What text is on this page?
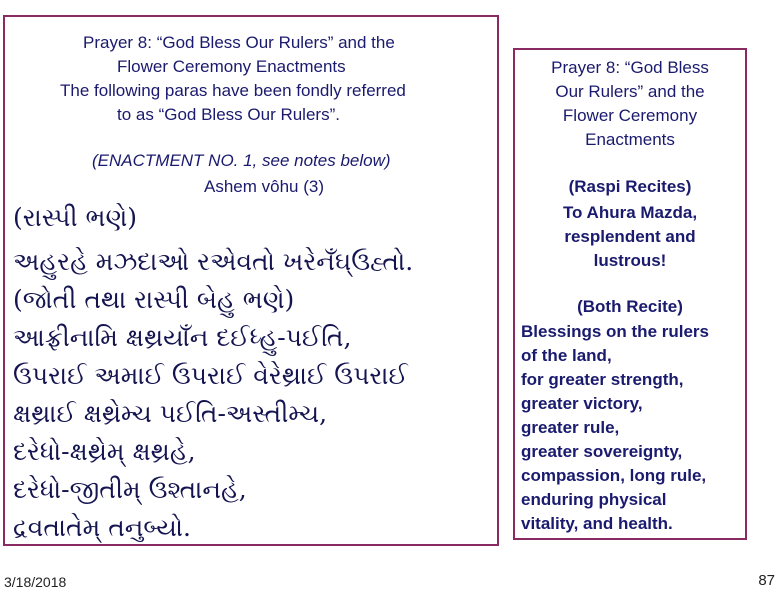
Prayer 8: “God Bless Our Rulers” and the
Flower Ceremony Enactments
The following paras have been fondly referred
to as “God Bless Our Rulers”.
(ENACTMENT NO. 1, see notes below)
Ashem vôhu (3)
(રાસ્પી ભણે)
અહુરહે મઝદાઓ રએવતો ખરેનઁઘ્ઉહ્તો.
(જોતી તથા રાસ્પી બેહુ ભણે)
આફ્રીનામિ ક્ષથ્રયાઁન દઈધ્હુ-પઈતિ,
ઉપરાઈ અમાઈ ઉપરાઈ વેરેથ્રાઈ ઉપરાઈ
ક્ષથ્રાઈ ક્ષથ્રેમ્ચ પઈતિ-અસ્તીમ્ચ,
દરેધો-ક્ષથ્રેમ્ ક્ષથ્રહે,
દરેધો-જીતીમ્ ઉશ્તાનહે,
દ્રવતાતેમ્ તનુબ્યો.
Prayer 8: “God Bless
Our Rulers” and the
Flower Ceremony
Enactments
(Raspi Recites)
To Ahura Mazda,
resplendent and
lustrous!
(Both Recite)
Blessings on the rulers
of the land,
for greater strength,
greater victory,
greater rule,
greater sovereignty,
compassion, long rule,
enduring physical
vitality, and health.
3/18/2018	87
